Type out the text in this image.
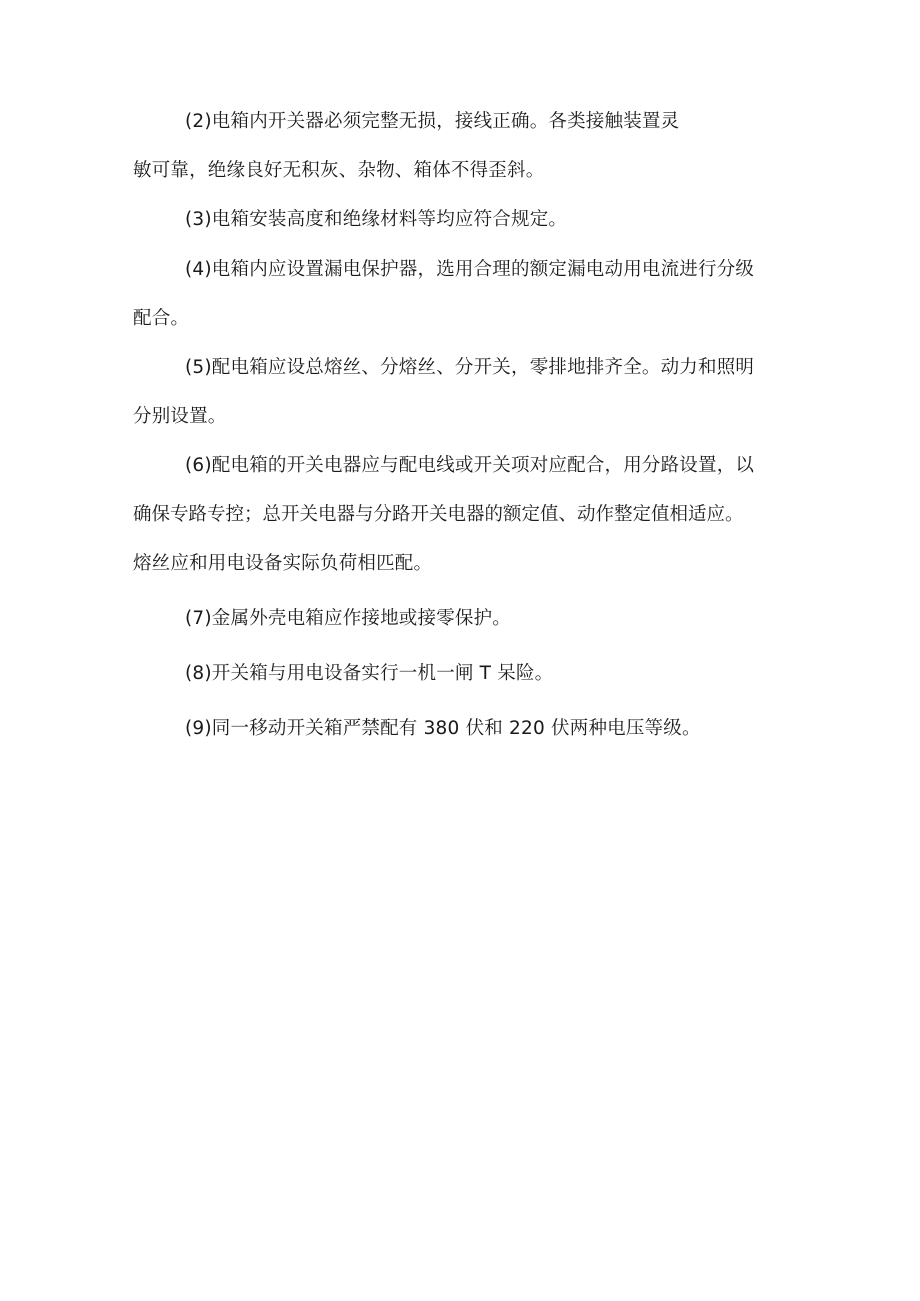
(2)电箱内开关器必须完整无损，接线正确。各类接触装置灵
敏可靠，绝缘良好无积灰、杂物、箱体不得歪斜。
(3)电箱安装高度和绝缘材料等均应符合规定。
(4)电箱内应设置漏电保护器，选用合理的额定漏电动用电流进行分级
配合。
(5)配电箱应设总熔丝、分熔丝、分开关，零排地排齐全。动力和照明
分别设置。
(6)配电箱的开关电器应与配电线或开关项对应配合，用分路设置，以
确保专路专控；总开关电器与分路开关电器的额定值、动作整定值相适应。
熔丝应和用电设备实际负荷相匹配。
(7)金属外壳电箱应作接地或接零保护。
(8)开关箱与用电设备实行一机一闸 T 呆险。
(9)同一移动开关箱严禁配有 380 伏和 220 伏两种电压等级。
